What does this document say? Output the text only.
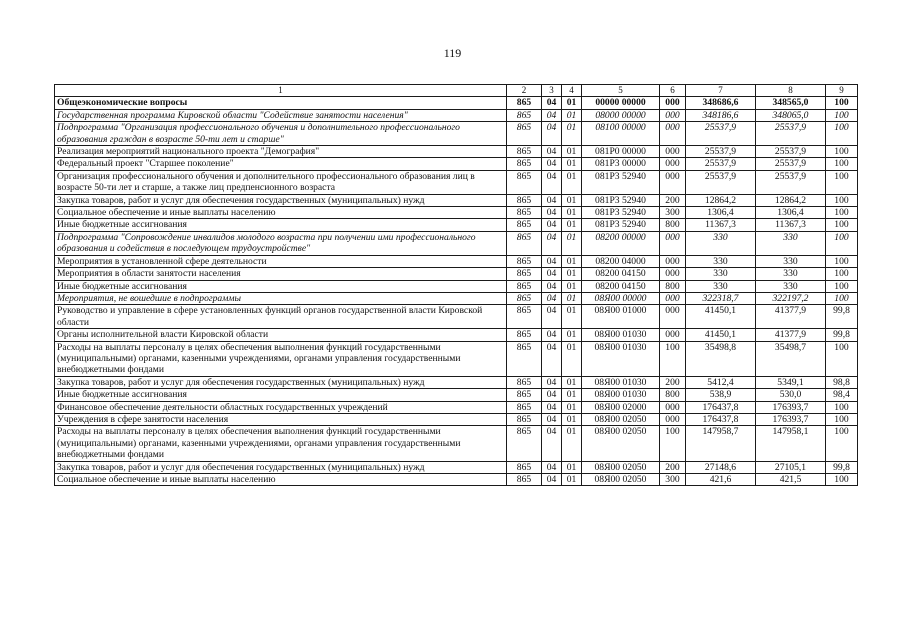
119
1	2	3	4	5	6	7	8	9
Общеэкономические вопросы	865	04	01	00000 00000	000	348686,6	348565,0	100
Государственная программа Кировской области "Содействие занятости населения"	865	04	01	08000 00000	000	348186,6	348065,0	100
Подпрограмма "Организация профессионального обучения и дополнительного профессионального образования граждан в возрасте 50-ти лет и старше"	865	04	01	08100 00000	000	25537,9	25537,9	100
Реализация мероприятий национального проекта "Демография"	865	04	01	081P0 00000	000	25537,9	25537,9	100
Федеральный проект "Старшее поколение"	865	04	01	081P3 00000	000	25537,9	25537,9	100
Организация профессионального обучения и дополнительного профессионального образования лиц в возрасте 50-ти лет и старше, а также лиц предпенсионного возраста	865	04	01	081P3 52940	000	25537,9	25537,9	100
Закупка товаров, работ и услуг для обеспечения государственных (муниципальных) нужд	865	04	01	081P3 52940	200	12864,2	12864,2	100
Социальное обеспечение и иные выплаты населению	865	04	01	081P3 52940	300	1306,4	1306,4	100
Иные бюджетные ассигнования	865	04	01	081P3 52940	800	11367,3	11367,3	100
Подпрограмма "Сопровождение инвалидов молодого возраста при получении ими профессионального образования и содействия в последующем трудоустройстве"	865	04	01	08200 00000	000	330	330	100
Мероприятия в установленной сфере деятельности	865	04	01	08200 04000	000	330	330	100
Мероприятия в области занятости населения	865	04	01	08200 04150	000	330	330	100
Иные бюджетные ассигнования	865	04	01	08200 04150	800	330	330	100
Мероприятия, не вошедшие в подпрограммы	865	04	01	08Я00 00000	000	322318,7	322197,2	100
Руководство и управление в сфере установленных функций органов государственной власти Кировской области	865	04	01	08Я00 01000	000	41450,1	41377,9	99,8
Органы исполнительной власти Кировской области	865	04	01	08Я00 01030	000	41450,1	41377,9	99,8
Расходы на выплаты персоналу в целях обеспечения выполнения функций государственными (муниципальными) органами, казенными учреждениями, органами управления государственными внебюджетными фондами	865	04	01	08Я00 01030	100	35498,8	35498,7	100
Закупка товаров, работ и услуг для обеспечения государственных (муниципальных) нужд	865	04	01	08Я00 01030	200	5412,4	5349,1	98,8
Иные бюджетные ассигнования	865	04	01	08Я00 01030	800	538,9	530,0	98,4
Финансовое обеспечение деятельности областных государственных учреждений	865	04	01	08Я00 02000	000	176437,8	176393,7	100
Учреждения в сфере занятости населения	865	04	01	08Я00 02050	000	176437,8	176393,7	100
Расходы на выплаты персоналу в целях обеспечения выполнения функций государственными (муниципальными) органами, казенными учреждениями, органами управления государственными внебюджетными фондами	865	04	01	08Я00 02050	100	147958,7	147958,1	100
Закупка товаров, работ и услуг для обеспечения государственных (муниципальных) нужд	865	04	01	08Я00 02050	200	27148,6	27105,1	99,8
Социальное обеспечение и иные выплаты населению	865	04	01	08Я00 02050	300	421,6	421,5	100
